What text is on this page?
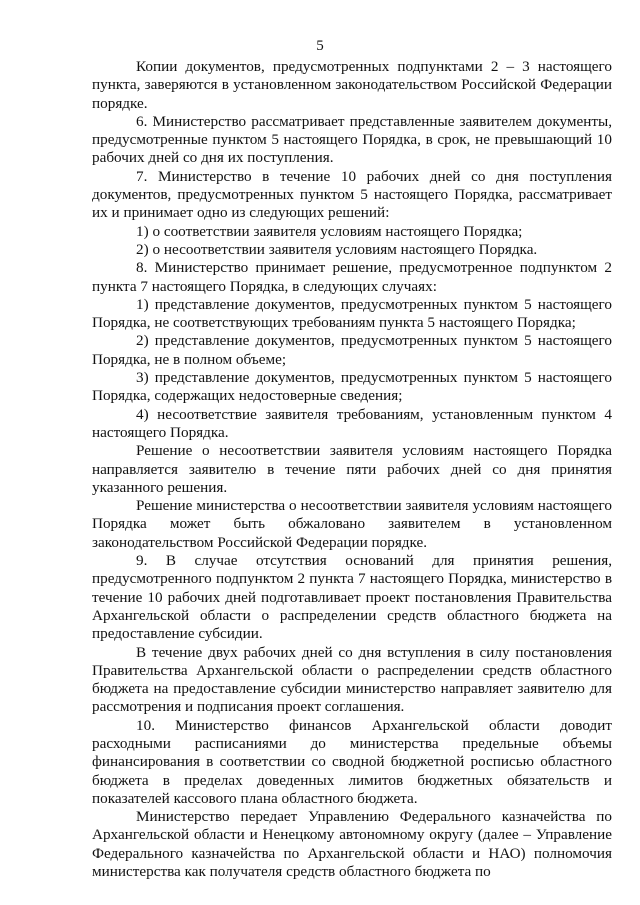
5

Копии документов, предусмотренных подпунктами 2 – 3 настоящего пункта, заверяются в установленном законодательством Российской Федерации порядке.

6. Министерство рассматривает представленные заявителем документы, предусмотренные пунктом 5 настоящего Порядка, в срок, не превышающий 10 рабочих дней со дня их поступления.

7. Министерство в течение 10 рабочих дней со дня поступления документов, предусмотренных пунктом 5 настоящего Порядка, рассматривает их и принимает одно из следующих решений:

1) о соответствии заявителя условиям настоящего Порядка;

2) о несоответствии заявителя условиям настоящего Порядка.

8. Министерство принимает решение, предусмотренное подпунктом 2 пункта 7 настоящего Порядка, в следующих случаях:

1) представление документов, предусмотренных пунктом 5 настоящего Порядка, не соответствующих требованиям пункта 5 настоящего Порядка;

2) представление документов, предусмотренных пунктом 5 настоящего Порядка, не в полном объеме;

3) представление документов, предусмотренных пунктом 5 настоящего Порядка, содержащих недостоверные сведения;

4) несоответствие заявителя требованиям, установленным пунктом 4 настоящего Порядка.

Решение о несоответствии заявителя условиям настоящего Порядка направляется заявителю в течение пяти рабочих дней со дня принятия указанного решения.

Решение министерства о несоответствии заявителя условиям настоящего Порядка может быть обжаловано заявителем в установленном законодательством Российской Федерации порядке.

9. В случае отсутствия оснований для принятия решения, предусмотренного подпунктом 2 пункта 7 настоящего Порядка, министерство в течение 10 рабочих дней подготавливает проект постановления Правительства Архангельской области о распределении средств областного бюджета на предоставление субсидии.

В течение двух рабочих дней со дня вступления в силу постановления Правительства Архангельской области о распределении средств областного бюджета на предоставление субсидии министерство направляет заявителю для рассмотрения и подписания проект соглашения.

10. Министерство финансов Архангельской области доводит расходными расписаниями до министерства предельные объемы финансирования в соответствии со сводной бюджетной росписью областного бюджета в пределах доведенных лимитов бюджетных обязательств и показателей кассового плана областного бюджета.

Министерство передает Управлению Федерального казначейства по Архангельской области и Ненецкому автономному округу (далее – Управление Федерального казначейства по Архангельской области и НАО) полномочия министерства как получателя средств областного бюджета по
